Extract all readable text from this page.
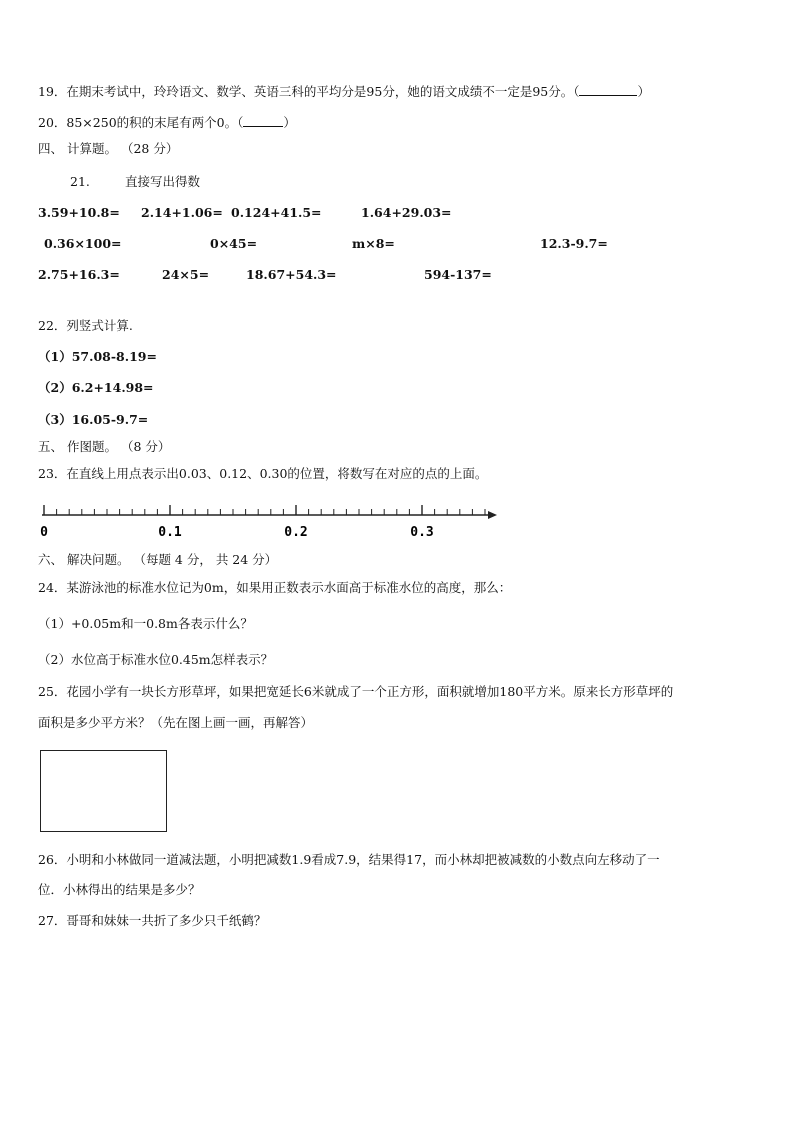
19．在期末考试中，玲玲语文、数学、英语三科的平均分是95分，她的语文成绩不一定是95分。（	）
20．85×250的积的末尾有两个0。（	）
四、 计算题。 （28 分）
21.	直接写出得数
3.59+10.8= 2.14+1.06= 0.124+41.5=	1.64+29.03=
0.36×100=	0×45=	m×8=	12.3-9.7=
2.75+16.3=	24×5=	18.67+54.3=	594-137=
22．列竖式计算.
（1）57.08-8.19=
（2）6.2+14.98=
（3）16.05-9.7=
五、 作图题。 （8 分）
23．在直线上用点表示出0.03、0.12、0.30的位置，将数写在对应的点的上面。
0	0.1	0.2	0.3
六、 解决问题。 （每题 4 分， 共 24 分）
24．某游泳池的标准水位记为0m，如果用正数表示水面高于标准水位的高度，那么：
（1）+0.05m和一0.8m各表示什么？
（2）水位高于标准水位0.45m怎样表示？
25．花园小学有一块长方形草坪，如果把宽延长6米就成了一个正方形，面积就增加180平方米。原来长方形草坪的
面积是多少平方米？（先在图上画一画，再解答）
26．小明和小林做同一道减法题，小明把减数1.9看成7.9，结果得17，而小林却把被减数的小数点向左移动了一
位．小林得出的结果是多少？
27．哥哥和妹妹一共折了多少只千纸鹤？
